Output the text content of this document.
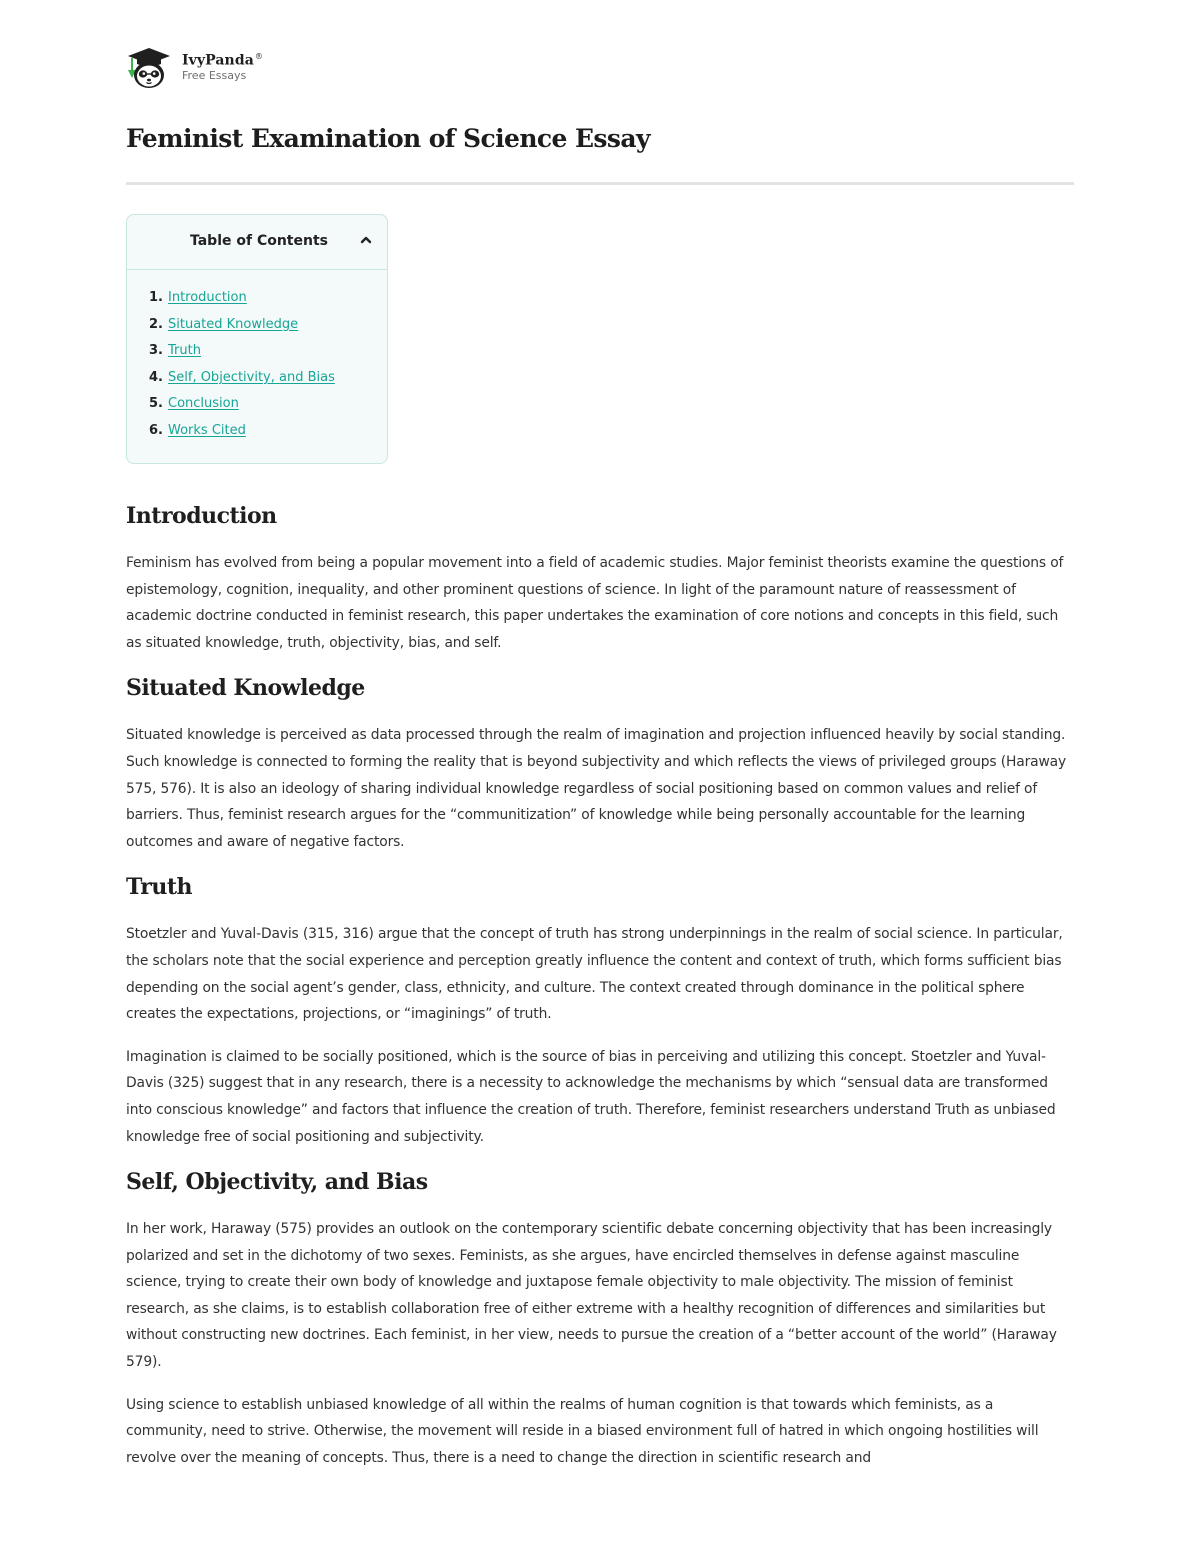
IvyPanda®
Free Essays
Feminist Examination of Science Essay
Table of Contents
1. Introduction
2. Situated Knowledge
3. Truth
4. Self, Objectivity, and Bias
5. Conclusion
6. Works Cited
Introduction

Feminism has evolved from being a popular movement into a field of academic studies. Major feminist theorists examine the questions of epistemology, cognition, inequality, and other prominent questions of science. In light of the paramount nature of reassessment of academic doctrine conducted in feminist research, this paper undertakes the examination of core notions and concepts in this field, such as situated knowledge, truth, objectivity, bias, and self.

Situated Knowledge

Situated knowledge is perceived as data processed through the realm of imagination and projection influenced heavily by social standing. Such knowledge is connected to forming the reality that is beyond subjectivity and which reflects the views of privileged groups (Haraway 575, 576). It is also an ideology of sharing individual knowledge regardless of social positioning based on common values and relief of barriers. Thus, feminist research argues for the “communitization” of knowledge while being personally accountable for the learning outcomes and aware of negative factors.

Truth

Stoetzler and Yuval-Davis (315, 316) argue that the concept of truth has strong underpinnings in the realm of social science. In particular, the scholars note that the social experience and perception greatly influence the content and context of truth, which forms sufficient bias depending on the social agent’s gender, class, ethnicity, and culture. The context created through dominance in the political sphere creates the expectations, projections, or “imaginings” of truth.

Imagination is claimed to be socially positioned, which is the source of bias in perceiving and utilizing this concept. Stoetzler and Yuval-Davis (325) suggest that in any research, there is a necessity to acknowledge the mechanisms by which “sensual data are transformed into conscious knowledge” and factors that influence the creation of truth. Therefore, feminist researchers understand Truth as unbiased knowledge free of social positioning and subjectivity.

Self, Objectivity, and Bias

In her work, Haraway (575) provides an outlook on the contemporary scientific debate concerning objectivity that has been increasingly polarized and set in the dichotomy of two sexes. Feminists, as she argues, have encircled themselves in defense against masculine science, trying to create their own body of knowledge and juxtapose female objectivity to male objectivity. The mission of feminist research, as she claims, is to establish collaboration free of either extreme with a healthy recognition of differences and similarities but without constructing new doctrines. Each feminist, in her view, needs to pursue the creation of a “better account of the world” (Haraway 579).

Using science to establish unbiased knowledge of all within the realms of human cognition is that towards which feminists, as a community, need to strive. Otherwise, the movement will reside in a biased environment full of hatred in which ongoing hostilities will revolve over the meaning of concepts. Thus, there is a need to change the direction in scientific research and
